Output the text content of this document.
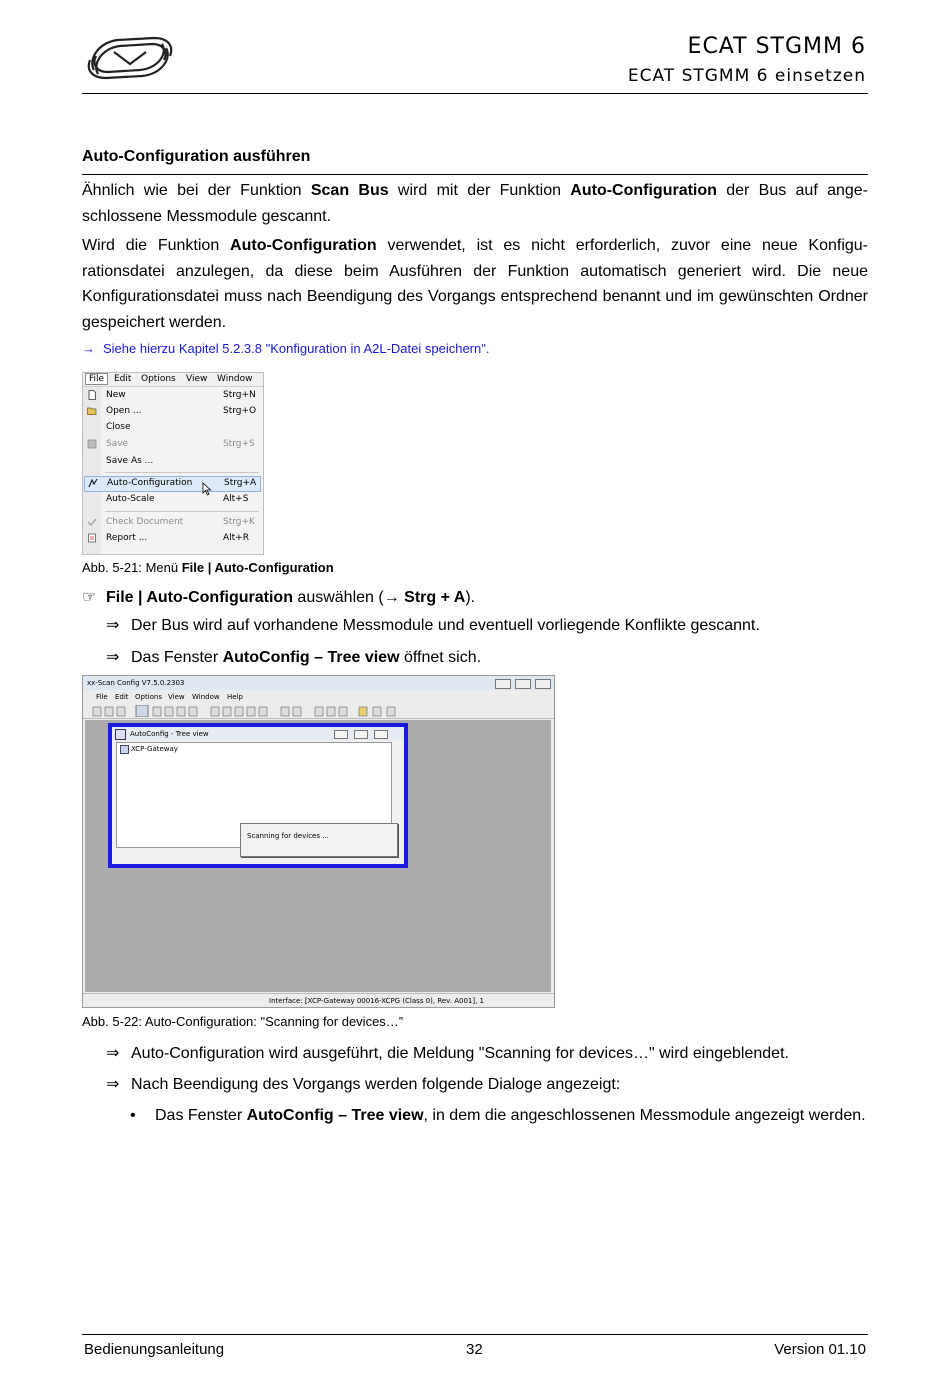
ECAT STGMM 6
ECAT STGMM 6 einsetzen
Auto-Configuration ausführen
Ähnlich wie bei der Funktion Scan Bus wird mit der Funktion Auto-Configuration der Bus auf ange-schlossene Messmodule gescannt.
Wird die Funktion Auto-Configuration verwendet, ist es nicht erforderlich, zuvor eine neue Konfigu-rationsdatei anzulegen, da diese beim Ausführen der Funktion automatisch generiert wird. Die neue Konfigurationsdatei muss nach Beendigung des Vorgangs entsprechend benannt und im gewünschten Ordner gespeichert werden.
→ Siehe hierzu Kapitel 5.2.3.8 "Konfiguration in A2L-Datei speichern".
File	Edit Options View Window
New	Strg+N
Open ...	Strg+O
Close
Save	Strg+S
Save As ...
Auto-Configuration	Strg+A
Auto-Scale	Alt+S
Check Document	Strg+K
Report ...	Alt+R
Abb. 5-21: Menü File | Auto-Configuration
☞ File | Auto-Configuration auswählen (→ Strg + A).
⇒ Der Bus wird auf vorhandene Messmodule und eventuell vorliegende Konflikte gescannt.
⇒ Das Fenster AutoConfig – Tree view öffnet sich.
xx-Scan Config V7.5.0.2303
File Edit Options View Window Help
AutoConfig - Tree view
XCP-Gateway
Scanning for devices ...
Interface: [XCP-Gateway 00016-XCPG (Class 0), Rev. A001], 1
Abb. 5-22: Auto-Configuration: "Scanning for devices…”
⇒ Auto-Configuration wird ausgeführt, die Meldung "Scanning for devices…" wird eingeblendet.
⇒ Nach Beendigung des Vorgangs werden folgende Dialoge angezeigt:
• Das Fenster AutoConfig – Tree view, in dem die angeschlossenen Messmodule angezeigt werden.
Bedienungsanleitung	32	Version 01.10
